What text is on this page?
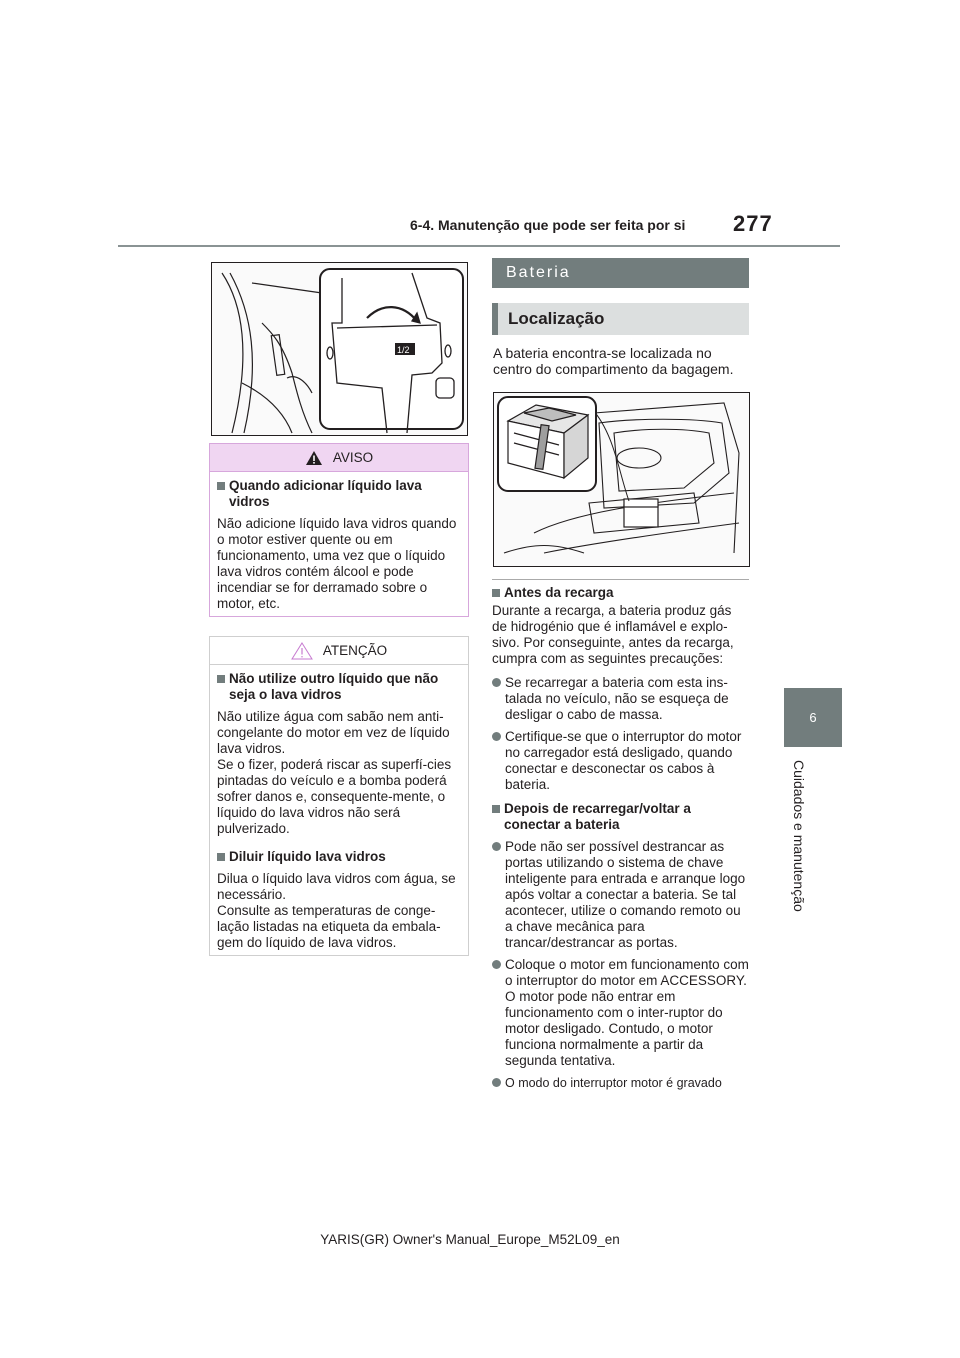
6-4. Manutenção que pode ser feita por si 277
6
Cuidados e manutenção
1/2
AVISO
Quando adicionar líquido lava vidros
Não adicione líquido lava vidros quando o motor estiver quente ou em funcionamento, uma vez que o líquido lava vidros contém álcool e pode incendiar se for derramado sobre o motor, etc.
ATENÇÃO
Não utilize outro líquido que não seja o lava vidros
Não utilize água com sabão nem anti-congelante do motor em vez de líquido lava vidros.
Se o fizer, poderá riscar as superfí-cies pintadas do veículo e a bomba poderá sofrer danos e, consequente-mente, o líquido do lava vidros não será pulverizado.
Diluir líquido lava vidros
Dilua o líquido lava vidros com água, se necessário.
Consulte as temperaturas de conge-lação listadas na etiqueta da embala-gem do líquido de lava vidros.
Bateria
Localização
A bateria encontra-se localizada no centro do compartimento da bagagem.
Antes da recarga
Durante a recarga, a bateria produz gás de hidrogénio que é inflamável e explo-sivo. Por conseguinte, antes da recarga, cumpra com as seguintes precauções:
Se recarregar a bateria com esta ins-talada no veículo, não se esqueça de desligar o cabo de massa.
Certifique-se que o interruptor do motor no carregador está desligado, quando conectar e desconectar os cabos à bateria.
Depois de recarregar/voltar a conectar a bateria
Pode não ser possível destrancar as portas utilizando o sistema de chave inteligente para entrada e arranque logo após voltar a conectar a bateria. Se tal acontecer, utilize o comando remoto ou a chave mecânica para trancar/destrancar as portas.
Coloque o motor em funcionamento com o interruptor do motor em ACCESSORY. O motor pode não entrar em funcionamento com o inter-ruptor do motor desligado. Contudo, o motor funciona normalmente a partir da segunda tentativa.
O modo do interruptor motor é gravado
YARIS(GR) Owner's Manual_Europe_M52L09_en
